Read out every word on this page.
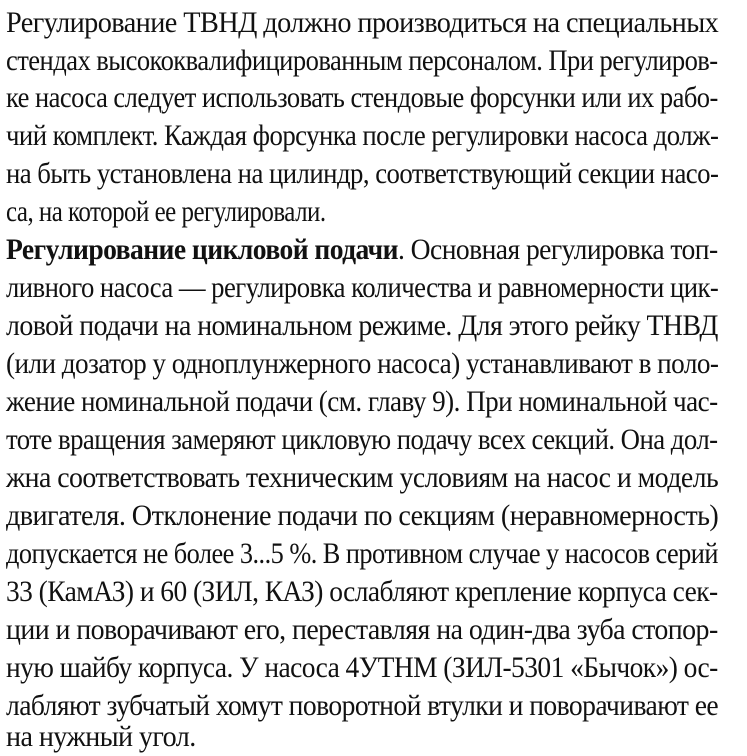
Регулирование ТВНД должно производиться на специальных
стендах высококвалифицированным персоналом. При регулиров-
ке насоса следует использовать стендовые форсунки или их рабо-
чий комплект. Каждая форсунка после регулировки насоса долж-
на быть установлена на цилиндр, соответствующий секции насо-
са, на которой ее регулировали.
Регулирование цикловой подачи. Основная регулировка топ-
ливного насоса — регулировка количества и равномерности цик-
ловой подачи на номинальном режиме. Для этого рейку ТНВД
(или дозатор у одноплунжерного насоса) устанавливают в поло-
жение номинальной подачи (см. главу 9). При номинальной час-
тоте вращения замеряют цикловую подачу всех секций. Она дол-
жна соответствовать техническим условиям на насос и модель
двигателя. Отклонение подачи по секциям (неравномерность)
допускается не более 3...5 %. В противном случае у насосов серий
33 (КамАЗ) и 60 (ЗИЛ, КАЗ) ослабляют крепление корпуса сек-
ции и поворачивают его, переставляя на один-два зуба стопор-
ную шайбу корпуса. У насоса 4УТНМ (ЗИЛ-5301 «Бычок») ос-
лабляют зубчатый хомут поворотной втулки и поворачивают ее
на нужный угол.
